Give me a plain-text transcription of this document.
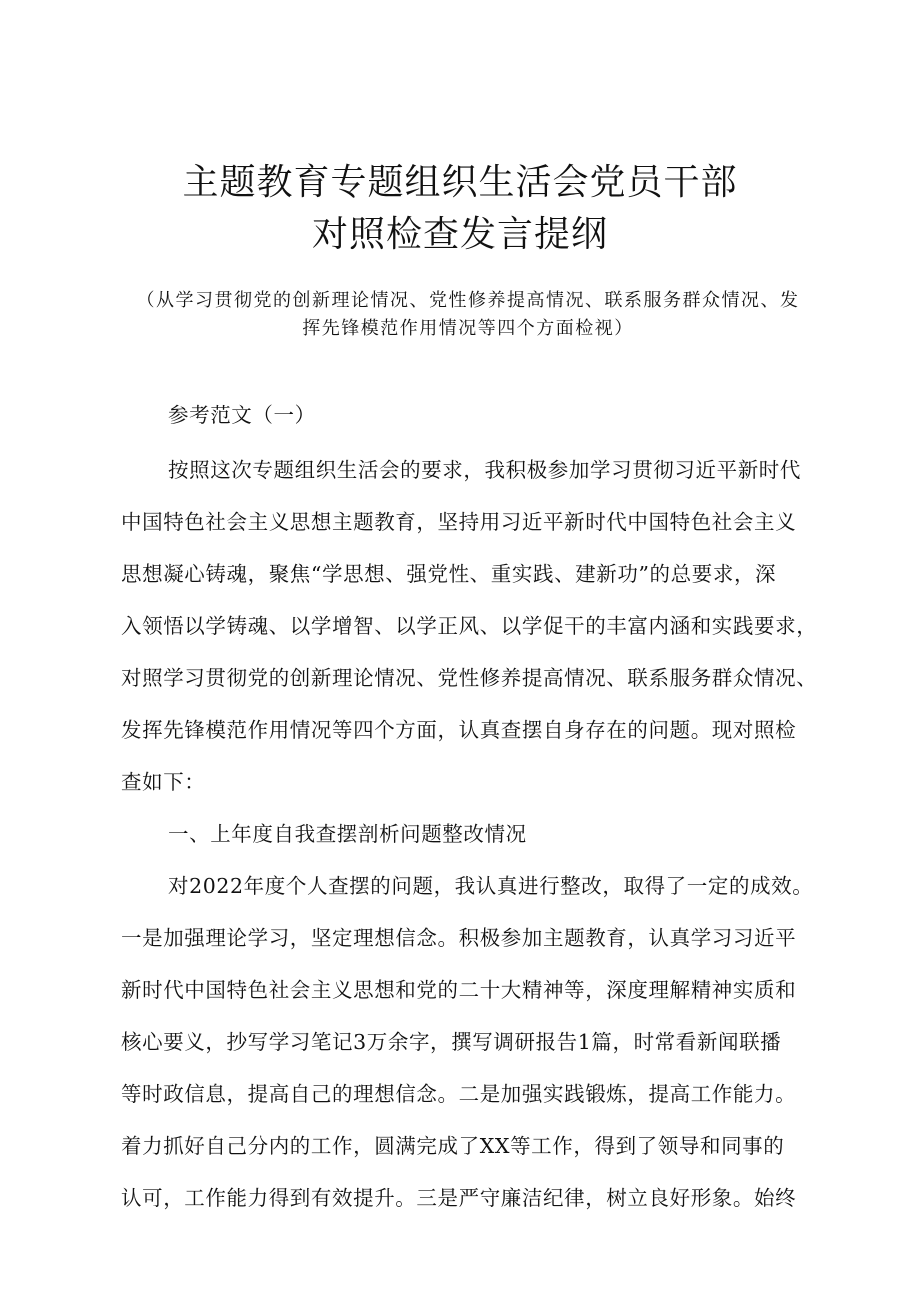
主题教育专题组织生活会党员干部
对照检查发言提纲
（从学习贯彻党的创新理论情况、党性修养提高情况、联系服务群众情况、发
挥先锋模范作用情况等四个方面检视）
参考范文（一）
按照这次专题组织生活会的要求，我积极参加学习贯彻习近平新时代
中国特色社会主义思想主题教育，坚持用习近平新时代中国特色社会主义
思想凝心铸魂，聚焦“学思想、强党性、重实践、建新功”的总要求，深
入领悟以学铸魂、以学增智、以学正风、以学促干的丰富内涵和实践要求，
对照学习贯彻党的创新理论情况、党性修养提高情况、联系服务群众情况、
发挥先锋模范作用情况等四个方面，认真查摆自身存在的问题。现对照检
查如下：
一、上年度自我查摆剖析问题整改情况
对2022年度个人查摆的问题，我认真进行整改，取得了一定的成效。
一是加强理论学习，坚定理想信念。积极参加主题教育，认真学习习近平
新时代中国特色社会主义思想和党的二十大精神等，深度理解精神实质和
核心要义，抄写学习笔记3万余字，撰写调研报告1篇，时常看新闻联播
等时政信息，提高自己的理想信念。二是加强实践锻炼，提高工作能力。
着力抓好自己分内的工作，圆满完成了XX等工作，得到了领导和同事的
认可，工作能力得到有效提升。三是严守廉洁纪律，树立良好形象。始终
